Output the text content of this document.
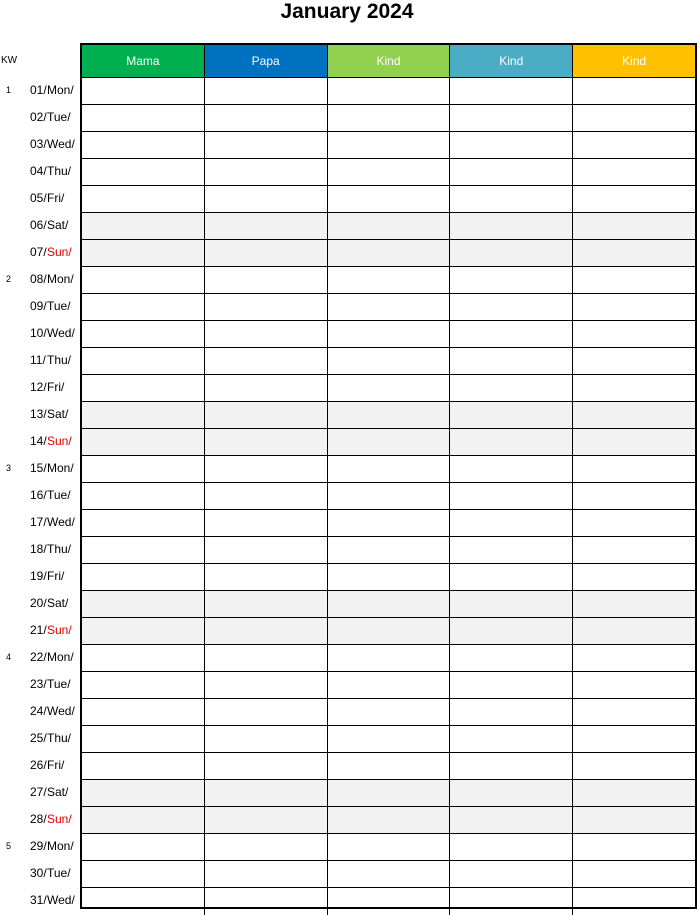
January 2024
KW	Mama	Papa	Kind	Kind	Kind
1 01/ Mon/
02/ Tue/
03/ Wed/
04/ Thu/
05/ Fri/
06/ Sat/
07/ Sun/
2 08/ Mon/
09/ Tue/
10/ Wed/
11/ Thu/
12/ Fri/
13/ Sat/
14/ Sun/
3 15/ Mon/
16/ Tue/
17/ Wed/
18/ Thu/
19/ Fri/
20/ Sat/
21/ Sun/
4 22/ Mon/
23/ Tue/
24/ Wed/
25/ Thu/
26/ Fri/
27/ Sat/
28/ Sun/
5 29/ Mon/
30/ Tue/
31/ Wed/
